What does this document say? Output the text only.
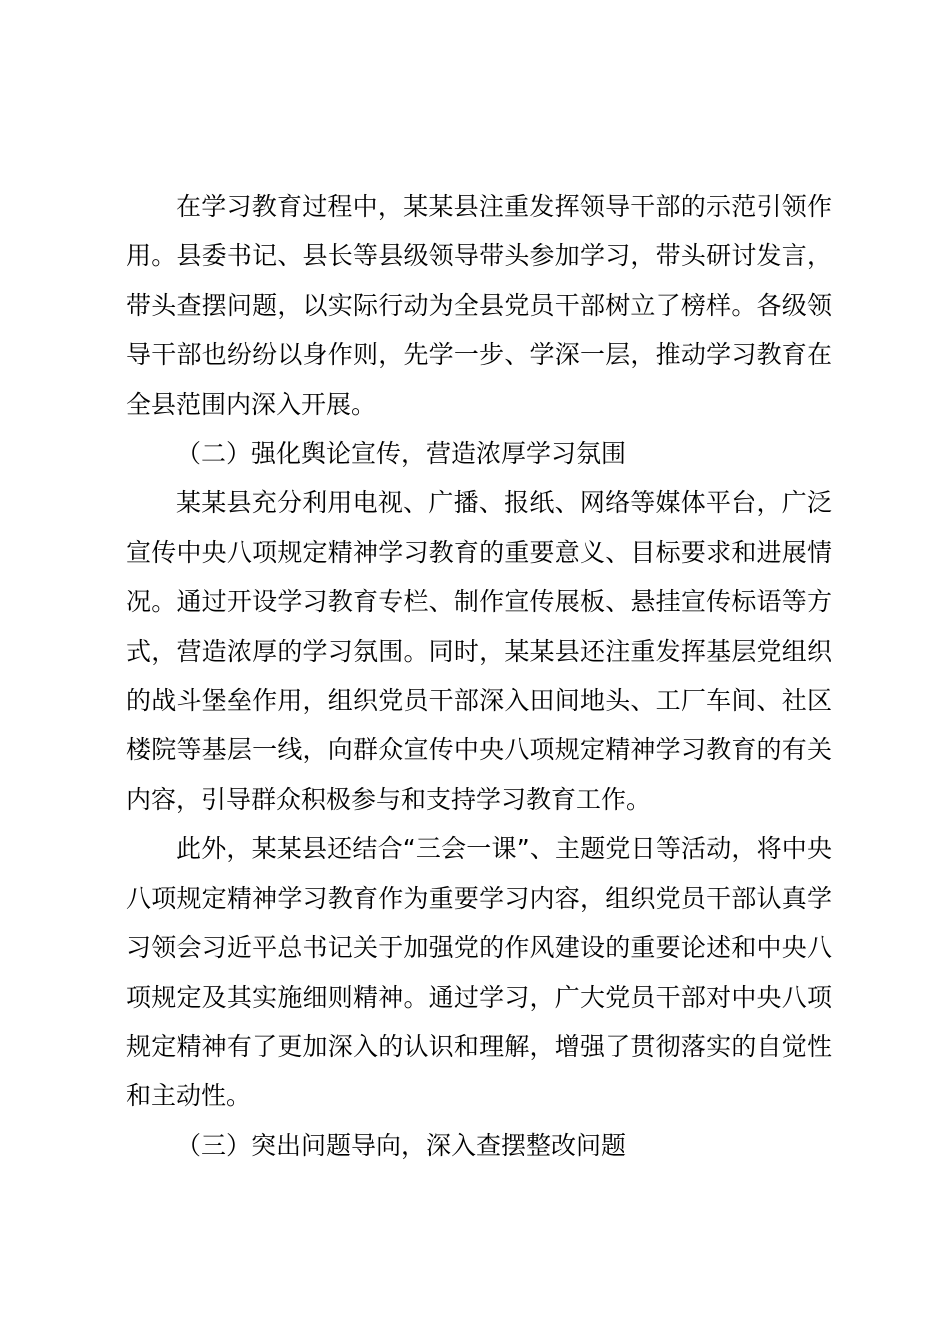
在学习教育过程中，某某县注重发挥领导干部的示范引领作用。县委书记、县长等县级领导带头参加学习，带头研讨发言，带头查摆问题，以实际行动为全县党员干部树立了榜样。各级领导干部也纷纷以身作则，先学一步、学深一层，推动学习教育在全县范围内深入开展。

（二）强化舆论宣传，营造浓厚学习氛围

某某县充分利用电视、广播、报纸、网络等媒体平台，广泛宣传中央八项规定精神学习教育的重要意义、目标要求和进展情况。通过开设学习教育专栏、制作宣传展板、悬挂宣传标语等方式，营造浓厚的学习氛围。同时，某某县还注重发挥基层党组织的战斗堡垒作用，组织党员干部深入田间地头、工厂车间、社区楼院等基层一线，向群众宣传中央八项规定精神学习教育的有关内容，引导群众积极参与和支持学习教育工作。

此外，某某县还结合“三会一课”、主题党日等活动，将中央八项规定精神学习教育作为重要学习内容，组织党员干部认真学习领会习近平总书记关于加强党的作风建设的重要论述和中央八项规定及其实施细则精神。通过学习，广大党员干部对中央八项规定精神有了更加深入的认识和理解，增强了贯彻落实的自觉性和主动性。

（三）突出问题导向，深入查摆整改问题
